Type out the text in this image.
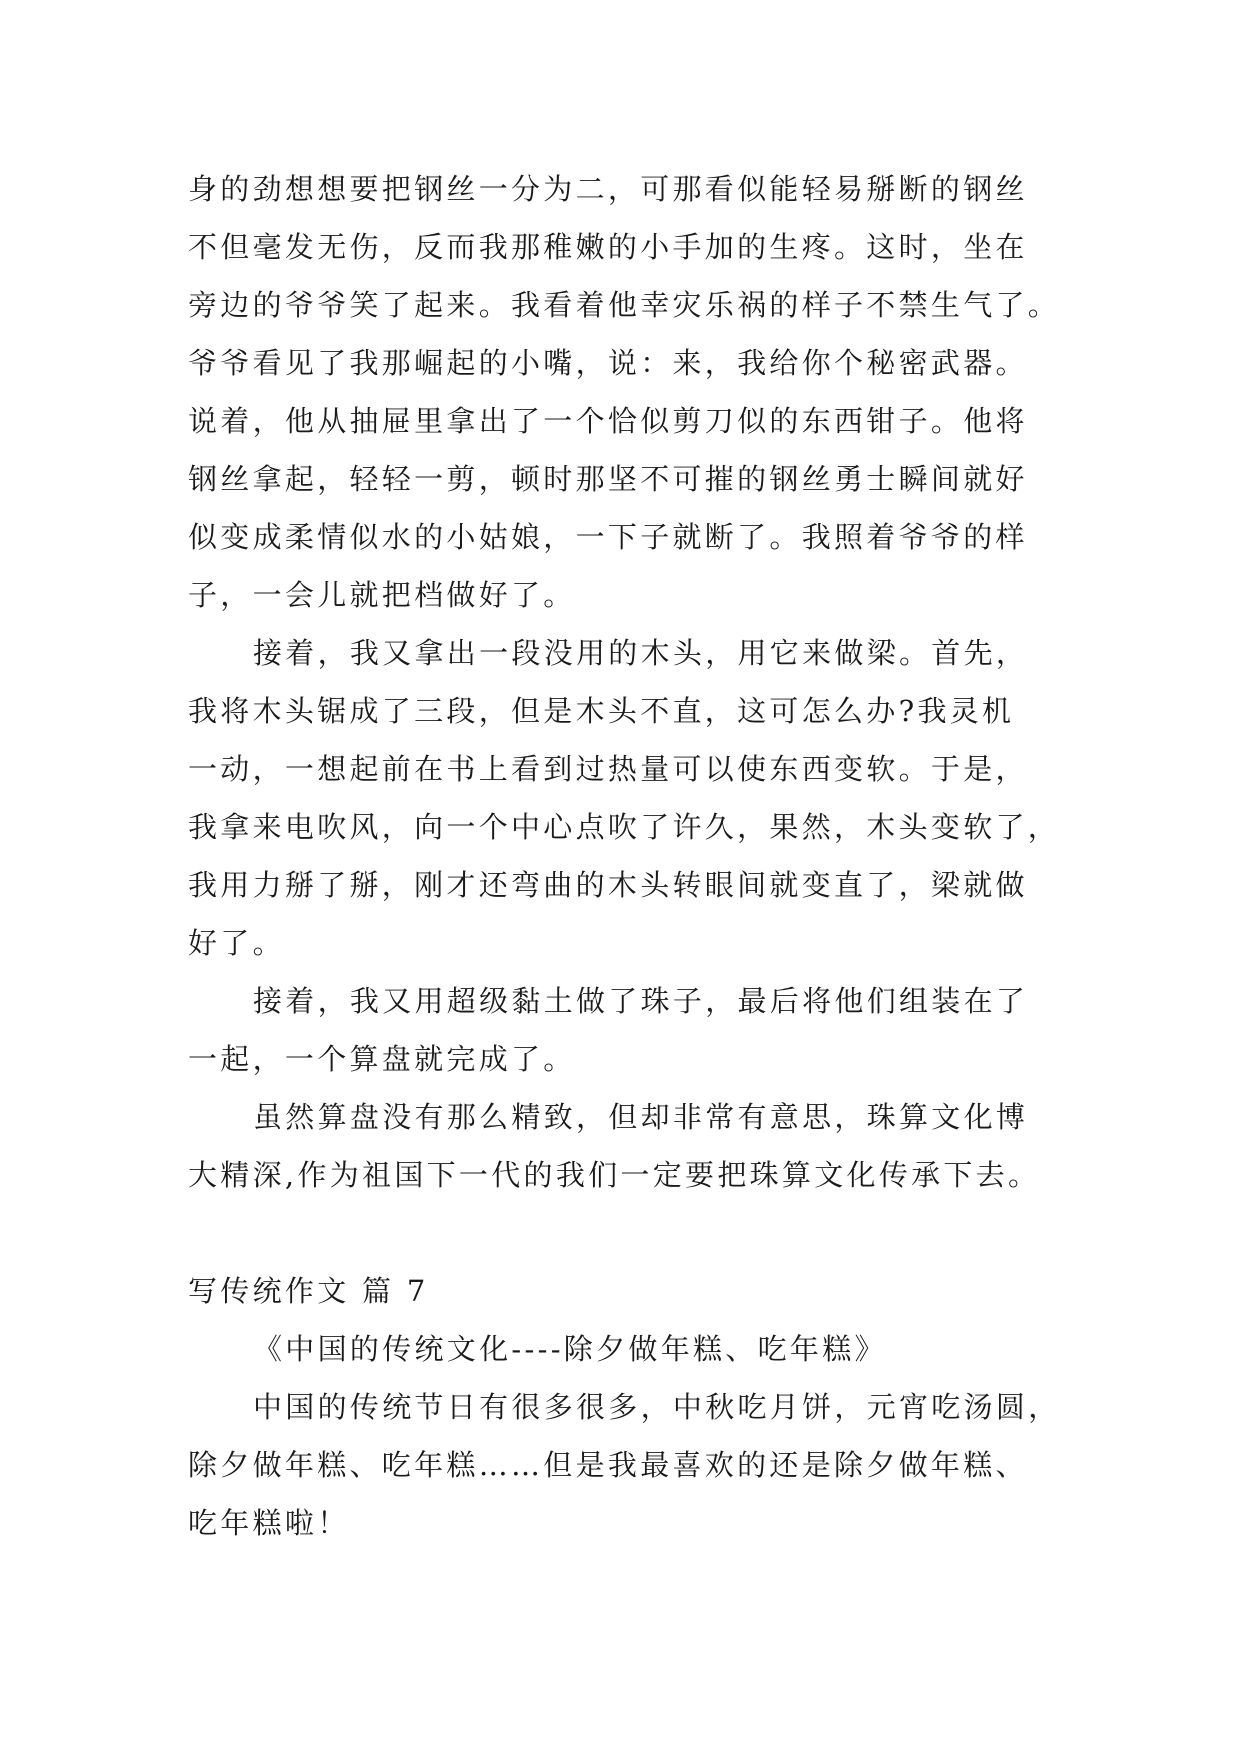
身的劲想想要把钢丝一分为二，可那看似能轻易掰断的钢丝
不但毫发无伤，反而我那稚嫩的小手加的生疼。这时，坐在
旁边的爷爷笑了起来。我看着他幸灾乐祸的样子不禁生气了。
爷爷看见了我那崛起的小嘴，说：来，我给你个秘密武器。
说着，他从抽屉里拿出了一个恰似剪刀似的东西钳子。他将
钢丝拿起，轻轻一剪，顿时那坚不可摧的钢丝勇士瞬间就好
似变成柔情似水的小姑娘，一下子就断了。我照着爷爷的样
子，一会儿就把档做好了。
接着，我又拿出一段没用的木头，用它来做梁。首先，
我将木头锯成了三段，但是木头不直，这可怎么办?我灵机
一动，一想起前在书上看到过热量可以使东西变软。于是，
我拿来电吹风，向一个中心点吹了许久，果然，木头变软了，
我用力掰了掰，刚才还弯曲的木头转眼间就变直了，梁就做
好了。
接着，我又用超级黏土做了珠子，最后将他们组装在了
一起，一个算盘就完成了。
虽然算盘没有那么精致，但却非常有意思，珠算文化博
大精深,作为祖国下一代的我们一定要把珠算文化传承下去。
写传统作文 篇 7
《中国的传统文化----除夕做年糕、吃年糕》
中国的传统节日有很多很多，中秋吃月饼，元宵吃汤圆，
除夕做年糕、吃年糕……但是我最喜欢的还是除夕做年糕、
吃年糕啦！
